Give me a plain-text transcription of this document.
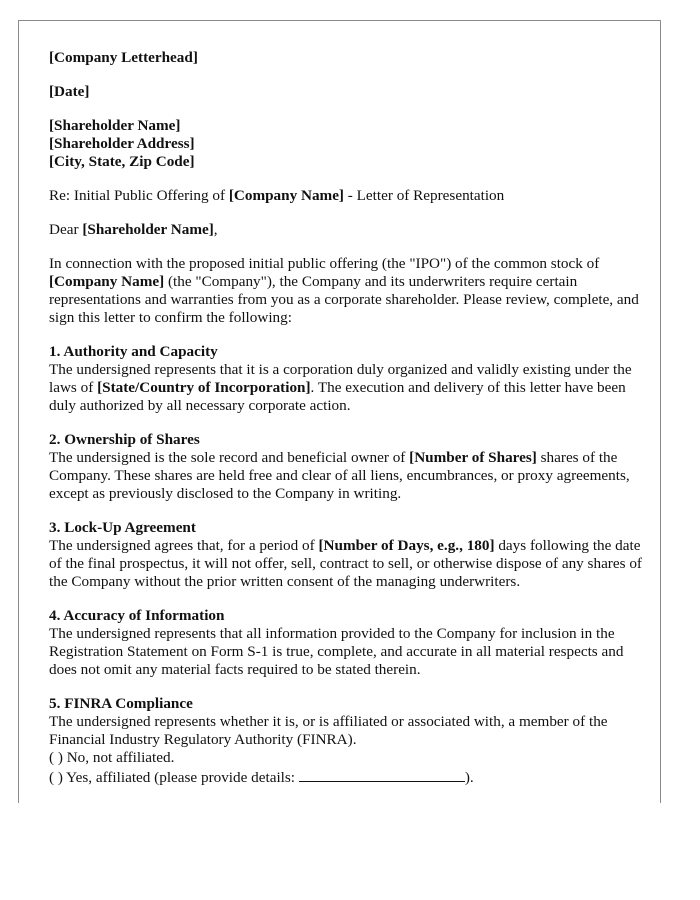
[Company Letterhead]

[Date]

[Shareholder Name]

[Shareholder Address]

[City, State, Zip Code]

Re: Initial Public Offering of [Company Name] - Letter of Representation

Dear [Shareholder Name],

In connection with the proposed initial public offering (the "IPO") of the common stock of [Company Name] (the "Company"), the Company and its underwriters require certain representations and warranties from you as a corporate shareholder. Please review, complete, and sign this letter to confirm the following:

1. Authority and Capacity

The undersigned represents that it is a corporation duly organized and validly existing under the laws of [State/Country of Incorporation]. The execution and delivery of this letter have been duly authorized by all necessary corporate action.

2. Ownership of Shares

The undersigned is the sole record and beneficial owner of [Number of Shares] shares of the Company. These shares are held free and clear of all liens, encumbrances, or proxy agreements, except as previously disclosed to the Company in writing.

3. Lock-Up Agreement

The undersigned agrees that, for a period of [Number of Days, e.g., 180] days following the date of the final prospectus, it will not offer, sell, contract to sell, or otherwise dispose of any shares of the Company without the prior written consent of the managing underwriters.

4. Accuracy of Information

The undersigned represents that all information provided to the Company for inclusion in the Registration Statement on Form S-1 is true, complete, and accurate in all material respects and does not omit any material facts required to be stated therein.

5. FINRA Compliance

The undersigned represents whether it is, or is affiliated or associated with, a member of the Financial Industry Regulatory Authority (FINRA).

( ) No, not affiliated.

( ) Yes, affiliated (please provide details:	).
